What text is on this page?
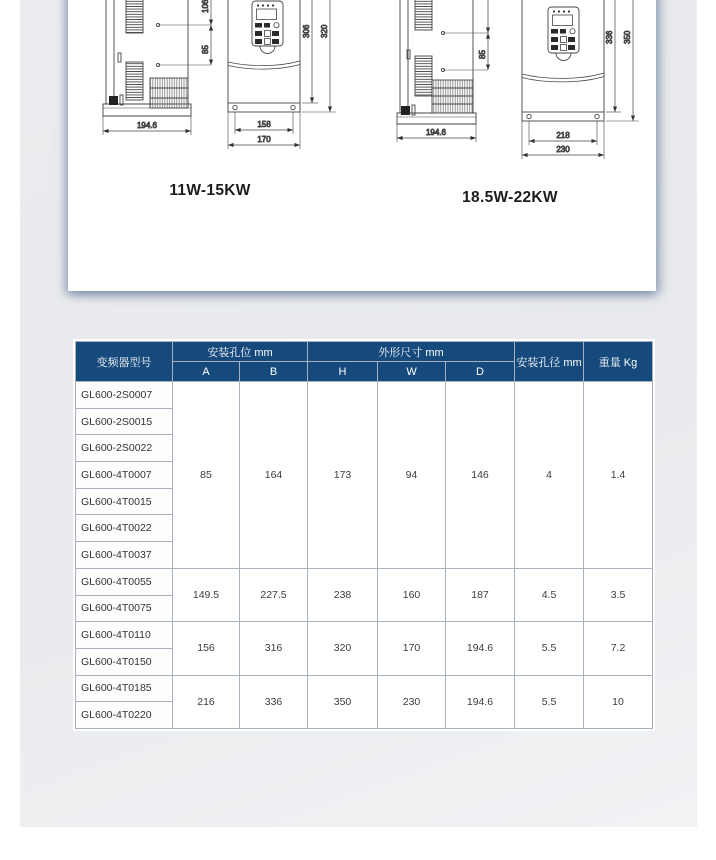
106
85
194.6
306 320
158
170
85
194.6
336 350
218
230
11W-15KW	18.5W-22KW
变频器型号	安装孔位 mm		外形尺寸 mm			安装孔径 mm	重量 Kg
	A	B	H	W	D		
GL600-2S0007	85	164	173	94	146	4	1.4
GL600-2S0015							
GL600-2S0022							
GL600-4T0007							
GL600-4T0015							
GL600-4T0022							
GL600-4T0037							
GL600-4T0055	149.5	227.5	238	160	187	4.5	3.5
GL600-4T0075							
GL600-4T0110	156	316	320	170	194.6	5.5	7.2
GL600-4T0150							
GL600-4T0185	216	336	350	230	194.6	5.5	10
GL600-4T0220							
